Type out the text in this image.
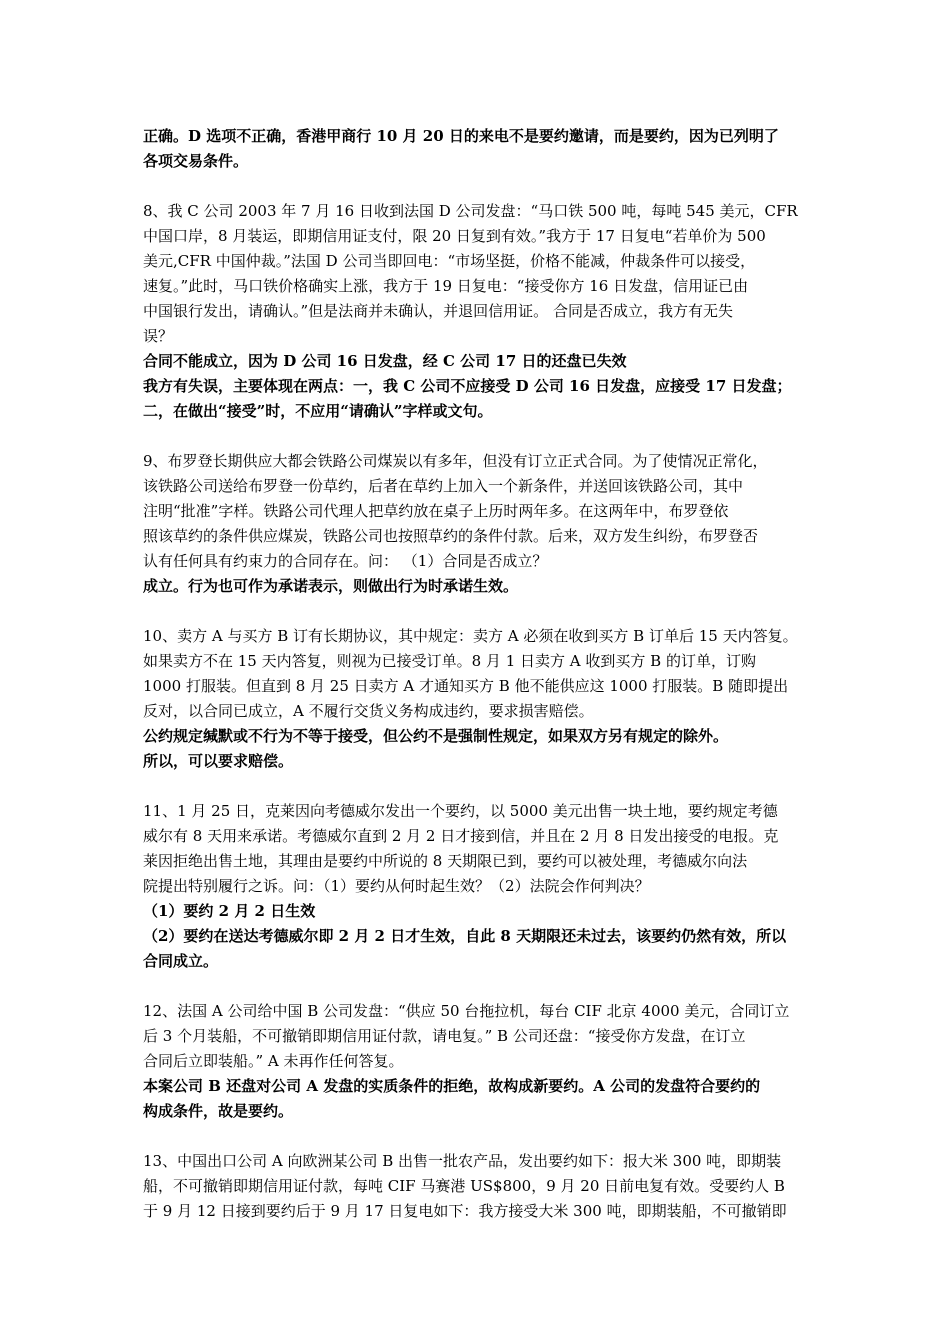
正确。D 选项不正确，香港甲商行 10 月 20 日的来电不是要约邀请，而是要约，因为已列明了
各项交易条件。
8、我 C 公司 2003 年 7 月 16 日收到法国 D 公司发盘：“马口铁 500 吨，每吨 545 美元，CFR
中国口岸，8 月装运，即期信用证支付，限 20 日复到有效。”我方于 17 日复电“若单价为 500
美元,CFR 中国仲裁。”法国 D 公司当即回电：“市场坚挺，价格不能减，仲裁条件可以接受，
速复。”此时，马口铁价格确实上涨，我方于 19 日复电：“接受你方 16 日发盘，信用证已由
中国银行发出，请确认。”但是法商并未确认，并退回信用证。 合同是否成立，我方有无失
误？
合同不能成立，因为 D 公司 16 日发盘，经 C 公司 17 日的还盘已失效
我方有失误，主要体现在两点：一，我 C 公司不应接受 D 公司 16 日发盘，应接受 17 日发盘；
二，在做出“接受”时，不应用“请确认”字样或文句。
9、布罗登长期供应大都会铁路公司煤炭以有多年，但没有订立正式合同。为了使情况正常化，
该铁路公司送给布罗登一份草约，后者在草约上加入一个新条件，并送回该铁路公司，其中
注明“批准”字样。铁路公司代理人把草约放在桌子上历时两年多。在这两年中，布罗登依
照该草约的条件供应煤炭，铁路公司也按照草约的条件付款。后来，双方发生纠纷，布罗登否
认有任何具有约束力的合同存在。问： （1）合同是否成立？
成立。行为也可作为承诺表示，则做出行为时承诺生效。
10、卖方 A 与买方 B 订有长期协议，其中规定：卖方 A 必须在收到买方 B 订单后 15 天内答复。
如果卖方不在 15 天内答复，则视为已接受订单。8 月 1 日卖方 A 收到买方 B 的订单，订购
1000 打服装。但直到 8 月 25 日卖方 A 才通知买方 B 他不能供应这 1000 打服装。B 随即提出
反对，以合同已成立，A 不履行交货义务构成违约，要求损害赔偿。
公约规定缄默或不行为不等于接受，但公约不是强制性规定，如果双方另有规定的除外。
所以，可以要求赔偿。
11、1 月 25 日，克莱因向考德威尔发出一个要约，以 5000 美元出售一块土地，要约规定考德
威尔有 8 天用来承诺。考德威尔直到 2 月 2 日才接到信，并且在 2 月 8 日发出接受的电报。克
莱因拒绝出售土地，其理由是要约中所说的 8 天期限已到，要约可以被处理，考德威尔向法
院提出特别履行之诉。问：（1）要约从何时起生效？（2）法院会作何判决？
（1）要约 2 月 2 日生效
（2）要约在送达考德威尔即 2 月 2 日才生效，自此 8 天期限还未过去，该要约仍然有效，所以
合同成立。
12、法国 A 公司给中国 B 公司发盘：“供应 50 台拖拉机，每台 CIF 北京 4000 美元，合同订立
后 3 个月装船，不可撤销即期信用证付款，请电复。” B 公司还盘：“接受你方发盘，在订立
合同后立即装船。” A 未再作任何答复。
本案公司 B 还盘对公司 A 发盘的实质条件的拒绝，故构成新要约。A 公司的发盘符合要约的
构成条件，故是要约。
13、中国出口公司 A 向欧洲某公司 B 出售一批农产品，发出要约如下：报大米 300 吨，即期装
船，不可撤销即期信用证付款，每吨 CIF 马赛港 US$800，9 月 20 日前电复有效。受要约人 B
于 9 月 12 日接到要约后于 9 月 17 日复电如下：我方接受大米 300 吨，即期装船，不可撤销即
